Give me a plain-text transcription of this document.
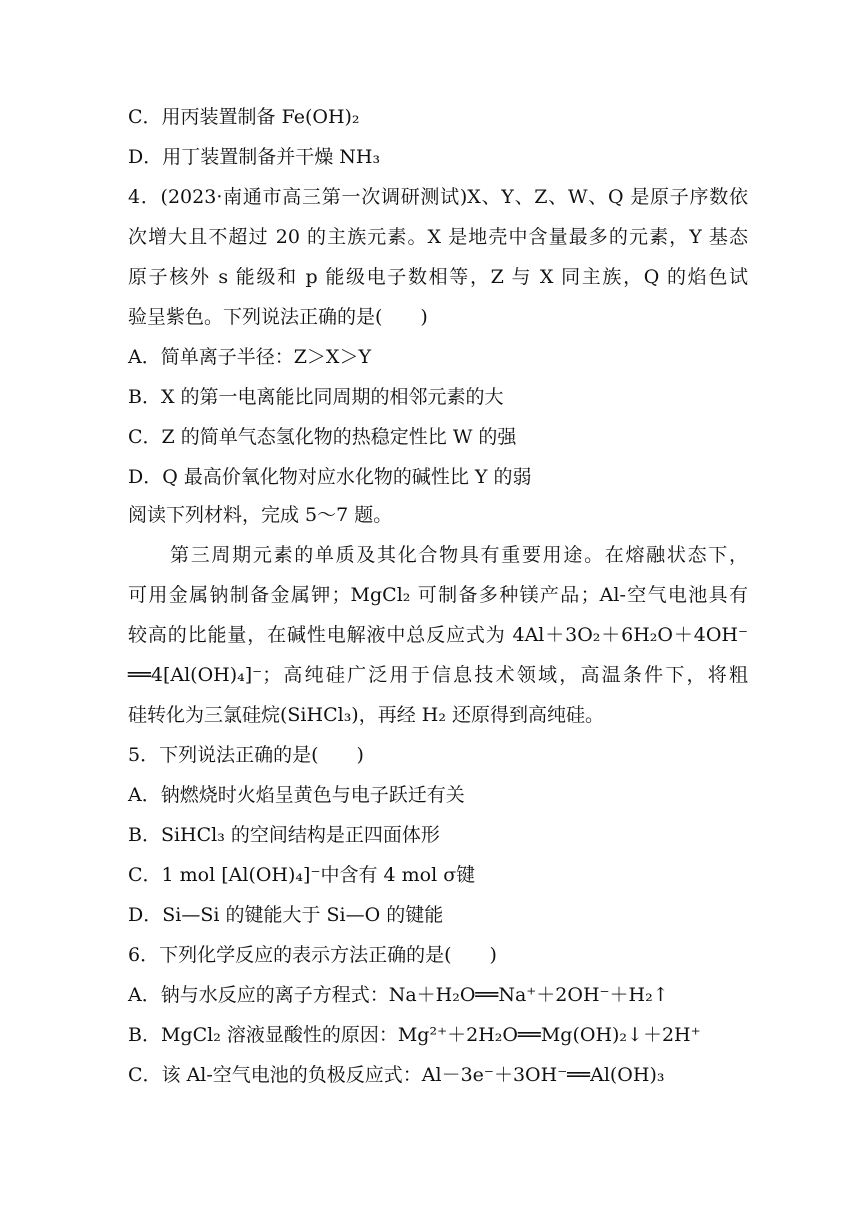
C．用丙装置制备 Fe(OH)₂
D．用丁装置制备并干燥 NH₃
4．(2023·南通市高三第一次调研测试)X、Y、Z、W、Q 是原子序数依
次增大且不超过 20 的主族元素。X 是地壳中含量最多的元素，Y 基态
原子核外 s 能级和 p 能级电子数相等，Z 与 X 同主族，Q 的焰色试
验呈紫色。下列说法正确的是(　　)
A．简单离子半径：Z＞X＞Y
B．X 的第一电离能比同周期的相邻元素的大
C．Z 的简单气态氢化物的热稳定性比 W 的强
D．Q 最高价氧化物对应水化物的碱性比 Y 的弱
阅读下列材料，完成 5～7 题。
第三周期元素的单质及其化合物具有重要用途。在熔融状态下，
可用金属钠制备金属钾；MgCl₂ 可制备多种镁产品；Al-空气电池具有
较高的比能量，在碱性电解液中总反应式为 4Al＋3O₂＋6H₂O＋4OH⁻
══4[Al(OH)₄]⁻；高纯硅广泛用于信息技术领域，高温条件下，将粗
硅转化为三氯硅烷(SiHCl₃)，再经 H₂ 还原得到高纯硅。
5．下列说法正确的是(　　)
A．钠燃烧时火焰呈黄色与电子跃迁有关
B．SiHCl₃ 的空间结构是正四面体形
C．1 mol [Al(OH)₄]⁻中含有 4 mol σ键
D．Si—Si 的键能大于 Si—O 的键能
6．下列化学反应的表示方法正确的是(　　)
A．钠与水反应的离子方程式：Na＋H₂O══Na⁺＋2OH⁻＋H₂↑
B．MgCl₂ 溶液显酸性的原因：Mg²⁺＋2H₂O══Mg(OH)₂↓＋2H⁺
C．该 Al-空气电池的负极反应式：Al－3e⁻＋3OH⁻══Al(OH)₃
